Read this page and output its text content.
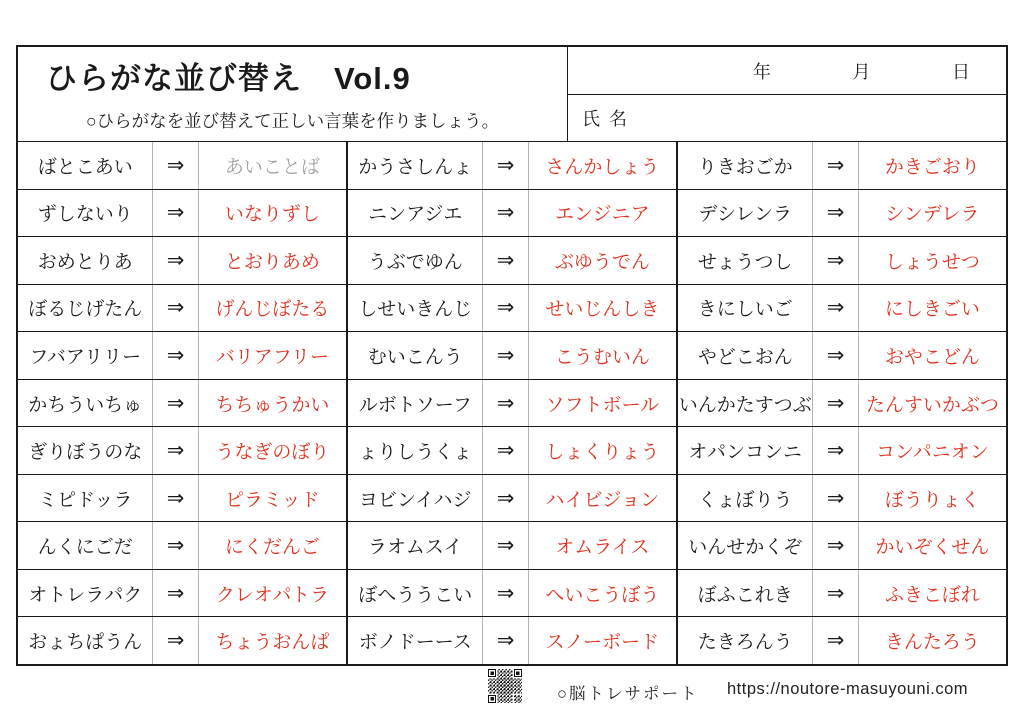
ひらがな並び替え　Vol.9
○ひらがなを並び替えて正しい言葉を作りましょう。
年	月	日
氏 名
ばとこあい	⇒	あいことば	かうさしんょ	⇒	さんかしょう	りきおごか	⇒	かきごおり
ずしないり	⇒	いなりずし	ニンアジエ	⇒	エンジニア	デシレンラ	⇒	シンデレラ
おめとりあ	⇒	とおりあめ	うぶでゆん	⇒	ぶゆうでん	せょうつし	⇒	しょうせつ
ぼるじげたん	⇒	げんじぼたる	しせいきんじ	⇒	せいじんしき	きにしいご	⇒	にしきごい
フバアリリー	⇒	バリアフリー	むいこんう	⇒	こうむいん	やどこおん	⇒	おやこどん
かちういちゅ	⇒	ちちゅうかい	ルボトソーフ	⇒	ソフトボール	いんかたすつぶ ⇒	たんすいかぶつ
ぎりぼうのな	⇒	うなぎのぼり	ょりしうくょ	⇒	しょくりょう	オパンコンニ	⇒	コンパニオン
ミピドッラ	⇒	ピラミッド	ヨビンイハジ	⇒	ハイビジョン	くょぼりう	⇒	ぼうりょく
んくにごだ	⇒	にくだんご	ラオムスイ	⇒	オムライス	いんせかくぞ	⇒	かいぞくせん
オトレラパク	⇒	クレオパトラ	ぼへううこい	⇒	へいこうぼう	ぼふこれき	⇒	ふきこぼれ
おょちぱうん	⇒	ちょうおんぱ	ボノドーース	⇒	スノーボード	たきろんう	⇒	きんたろう
○脳トレサポート https://noutore-masuyouni.com
